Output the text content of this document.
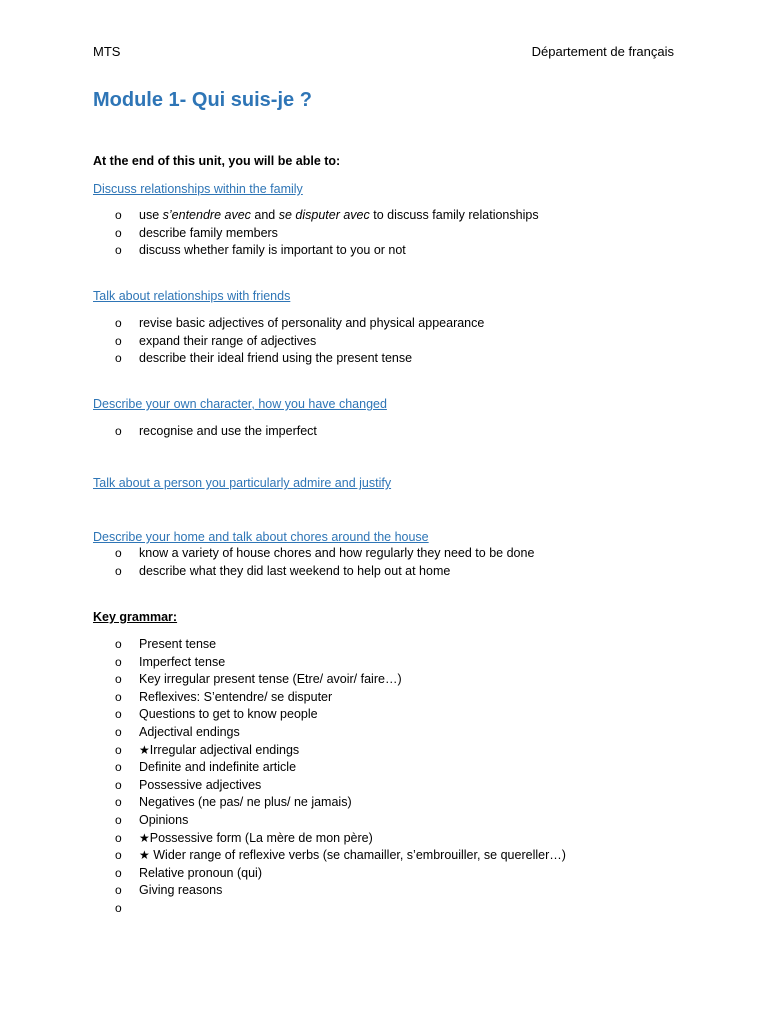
MTS	Département de français
Module 1- Qui suis-je ?
At the end of this unit, you will be able to:
Discuss relationships within the family
o use s’entendre avec and se disputer avec to discuss family relationships
o describe family members
o discuss whether family is important to you or not
Talk about relationships with friends
o revise basic adjectives of personality and physical appearance
o expand their range of adjectives
o describe their ideal friend using the present tense
Describe your own character, how you have changed
o recognise and use the imperfect
Talk about a person you particularly admire and justify
Describe your home and talk about chores around the house
o know a variety of house chores and how regularly they need to be done
o describe what they did last weekend to help out at home
Key grammar:
o Present tense
o Imperfect tense
o Key irregular present tense (Etre/ avoir/ faire…)
o Reflexives: S’entendre/ se disputer
o Questions to get to know people
o Adjectival endings
o ★Irregular adjectival endings
o Definite and indefinite article
o Possessive adjectives
o Negatives (ne pas/ ne plus/ ne jamais)
o Opinions
o ★Possessive form (La mère de mon père)
o ★ Wider range of reflexive verbs (se chamailler, s’embrouiller, se quereller…)
o Relative pronoun (qui)
o Giving reasons
o
